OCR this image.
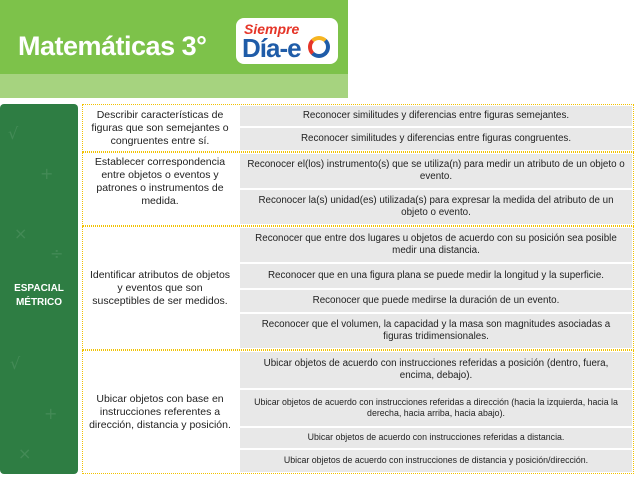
Matemáticas 3°
Siempre
Día-e
√
+
×
÷
√
+
×
ESPACIAL
MÉTRICO
Describir características de figuras que son semejantes o congruentes entre sí.
Reconocer similitudes y diferencias entre figuras semejantes.
Reconocer similitudes y diferencias entre figuras congruentes.
Establecer correspondencia entre objetos o eventos y patrones o instrumentos de medida.
Reconocer el(los) instrumento(s) que se utiliza(n) para medir un atributo de un objeto o evento.
Reconocer la(s) unidad(es) utilizada(s) para expresar la medida del atributo de un objeto o evento.
Identificar atributos de objetos y eventos que son susceptibles de ser medidos.
Reconocer que entre dos lugares u objetos de acuerdo con su posición sea posible medir una distancia.
Reconocer que en una figura plana se puede medir la longitud y la superficie.
Reconocer que puede medirse la duración de un evento.
Reconocer que el volumen, la capacidad y la masa son magnitudes asociadas a figuras tridimensionales.
Ubicar objetos con base en instrucciones referentes a dirección, distancia y posición.
Ubicar objetos de acuerdo con instrucciones referidas a posición (dentro, fuera, encima, debajo).
Ubicar objetos de acuerdo con instrucciones referidas a dirección (hacia la izquierda, hacia la derecha, hacia arriba, hacia abajo).
Ubicar objetos de acuerdo con instrucciones referidas a distancia.
Ubicar objetos de acuerdo con instrucciones de distancia y posición/dirección.
